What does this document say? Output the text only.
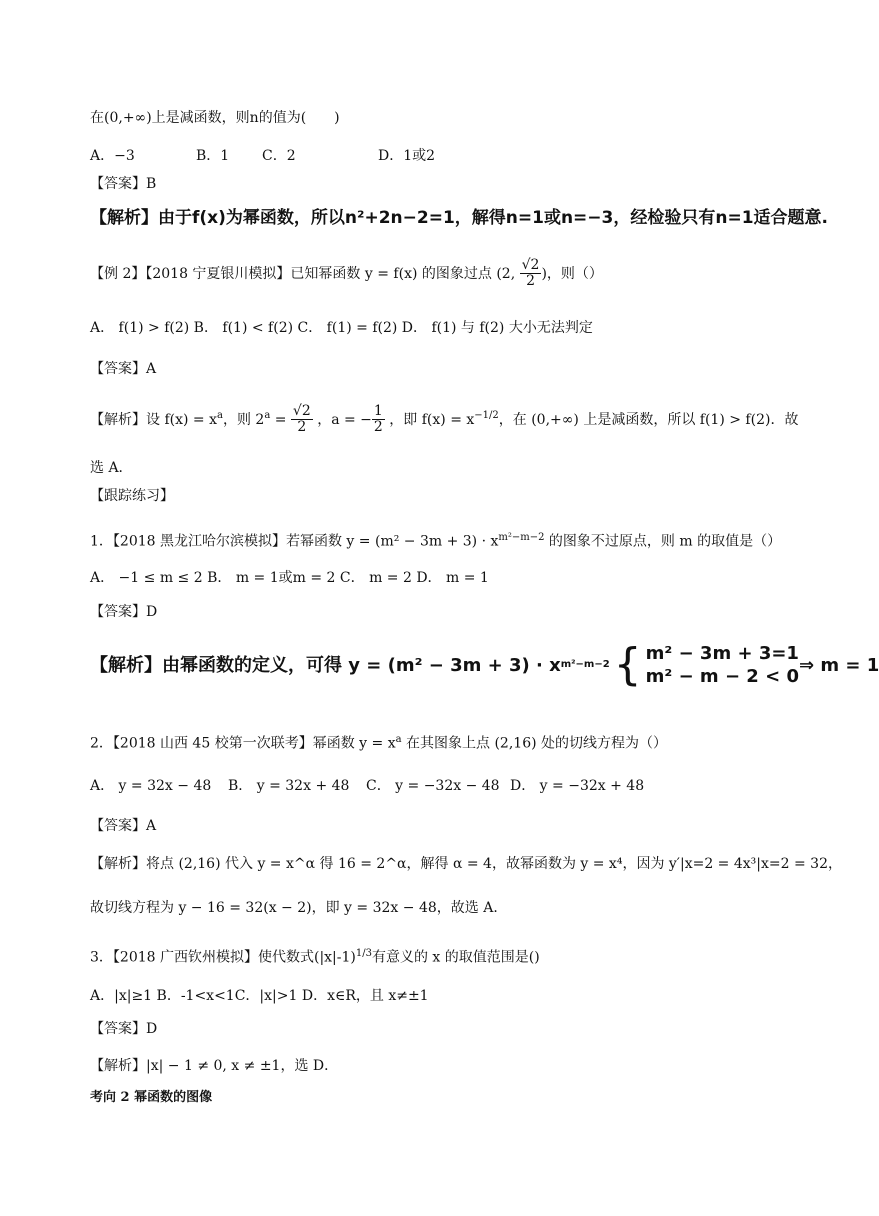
在(0,+∞)上是减函数，则n的值为(　　)
A．−3	B．1 C．2	D．1或2
【答案】B
【解析】由于f(x)为幂函数，所以n²+2n−2=1，解得n=1或n=−3，经检验只有n=1适合题意.
【例 2】【2018 宁夏银川模拟】已知幂函数 y = f(x) 的图象过点 (2, $\frac{√2}{2}$ )，则（）
A． f(1) > f(2) B． f(1) < f(2) C． f(1) = f(2) D． f(1) 与 f(2) 大小无法判定
【答案】A
【解析】设 $f(x) = x^a$，则 $2^a = \frac{√2}{2}$ ，a = − $\frac{1}{2}$ ，即 $f(x) = x^{-1/2}$，在 (0,+∞) 上是减函数，所以 f(1) > f(2)．故
选 A．
【跟踪练习】
1．【2018 黑龙江哈尔滨模拟】若幂函数 $y = (m^2 - 3m + 3) \cdot x^{m^2-m-2}$ 的图象不过原点，则 m 的取值是（）
A． −1 ≤ m ≤ 2 B． m = 1或m = 2 C． m = 2 D． m = 1
【答案】D
【解析】由幂函数的定义，可得 y = (m² − 3m + 3) · x m²−m−2 { m² − 3m + 3=1
m² − m − 2 < 0
⇒ m = 1
2．【2018 山西 45 校第一次联考】幂函数 $y = x^a$ 在其图象上点 (2,16) 处的切线方程为（）
A． y = 32x − 48 B． y = 32x + 48 C． y = −32x − 48 D． y = −32x + 48
【答案】A
【解析】将点 (2,16) 代入 y = x^α 得 16 = 2^α，解得 α = 4，故幂函数为 y = x⁴，因为 y′|x=2 = 4x³|x=2 = 32，
故切线方程为 y − 16 = 32(x − 2)，即 y = 32x − 48，故选 A．
3．【2018 广西钦州模拟】使代数式$(|x|-1)^{1/3}$有意义的 x 的取值范围是()
A．|x|≥1 B．-1<x<1C．|x|>1 D．x∈R，且 x≠±1
【答案】D
【解析】|x| − 1 ≠ 0, x ≠ ±1，选 D．
考向 2 幂函数的图像
